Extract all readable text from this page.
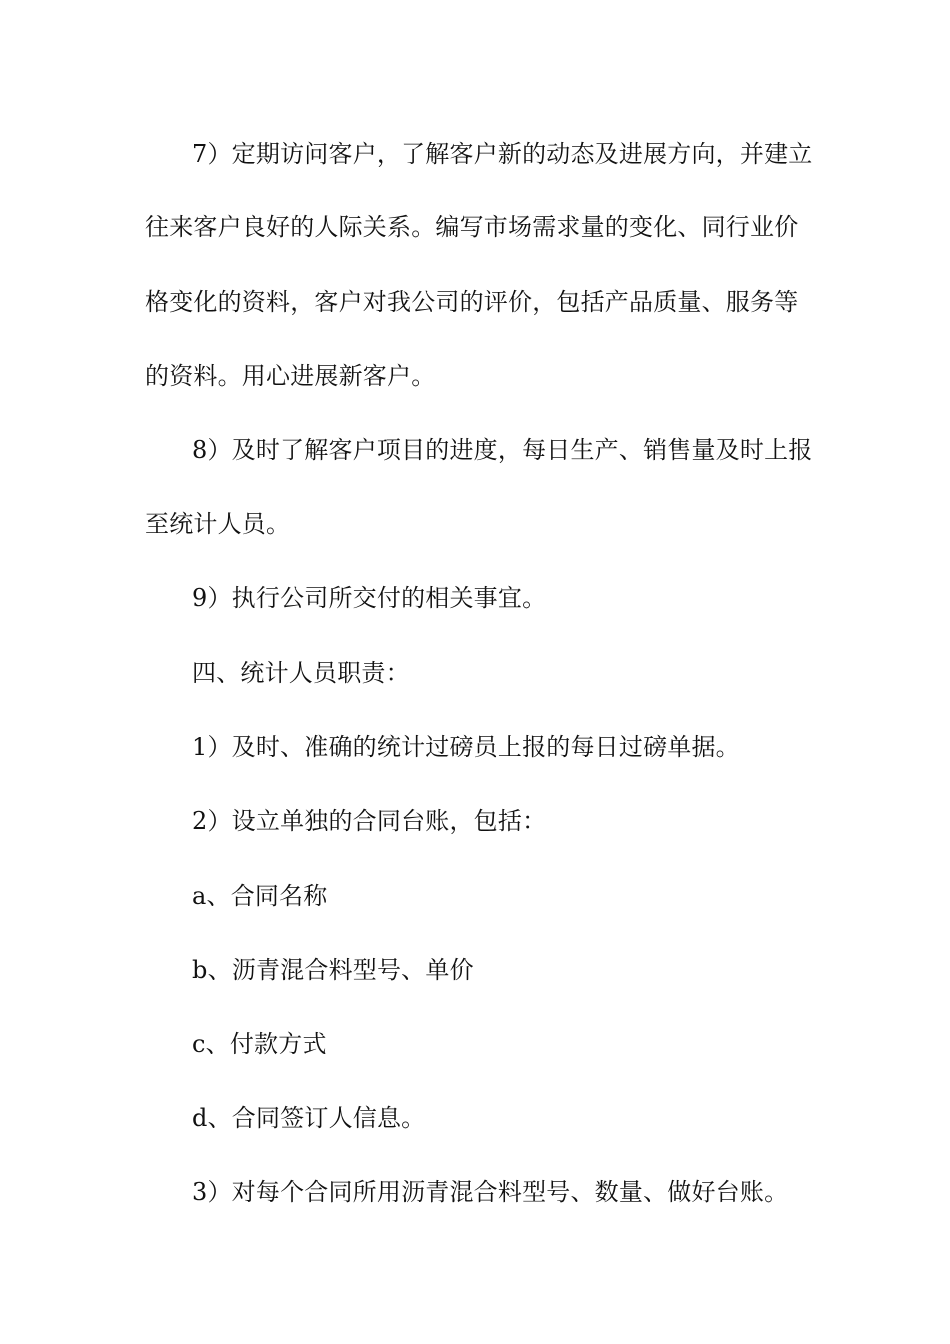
7）定期访问客户，了解客户新的动态及进展方向，并建立
往来客户良好的人际关系。编写市场需求量的变化、同行业价
格变化的资料，客户对我公司的评价，包括产品质量、服务等
的资料。用心进展新客户。
8）及时了解客户项目的进度，每日生产、销售量及时上报
至统计人员。
9）执行公司所交付的相关事宜。
四、统计人员职责：
1）及时、准确的统计过磅员上报的每日过磅单据。
2）设立单独的合同台账，包括：
a、合同名称
b、沥青混合料型号、单价
c、付款方式
d、合同签订人信息。
3）对每个合同所用沥青混合料型号、数量、做好台账。
